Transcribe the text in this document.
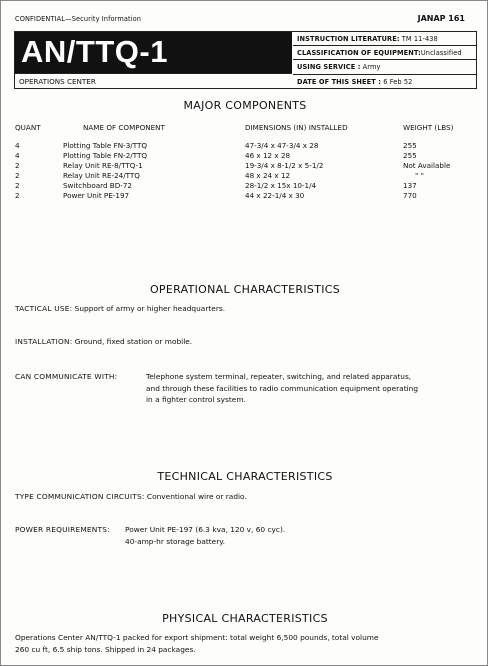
CONFIDENTIAL—Security Information	JANAP 161
AN/TTQ-1
OPERATIONS CENTER
INSTRUCTION LITERATURE: TM 11-438
CLASSIFICATION OF EQUIPMENT:Unclassified
USING SERVICE : Army
DATE OF THIS SHEET : 6 Feb 52
MAJOR COMPONENTS
QUANT	NAME OF COMPONENT	DIMENSIONS (IN) INSTALLED	WEIGHT (LBS)
4	Plotting Table FN-3/TTQ	47-3/4 x 47-3/4 x 28	255
4	Plotting Table FN-2/TTQ	46 x 12 x 28	255
2	Relay Unit RE-8/TTQ-1	19-3/4 x 8-1/2 x 5-1/2	Not Available
2	Relay Unit RE-24/TTQ	48 x 24 x 12	" "
2	Switchboard BD-72	28-1/2 x 15x 10-1/4	137
2	Power Unit PE-197	44 x 22-1/4 x 30	770
OPERATIONAL CHARACTERISTICS
TACTICAL USE: Support of army or higher headquarters.
INSTALLATION: Ground, fixed station or mobile.
CAN COMMUNICATE WITH:	Telephone system terminal, repeater, switching, and related apparatus,
and through these facilities to radio communication equipment operating
in a fighter control system.
TECHNICAL CHARACTERISTICS
TYPE COMMUNICATION CIRCUITS: Conventional wire or radio.
POWER REQUIREMENTS: Power Unit PE-197 (6.3 kva, 120 v, 60 cyc).
40-amp-hr storage battery.
PHYSICAL CHARACTERISTICS
Operations Center AN/TTQ-1 packed for export shipment: total weight 6,500 pounds, total volume
260 cu ft, 6.5 ship tons. Shipped in 24 packages.
